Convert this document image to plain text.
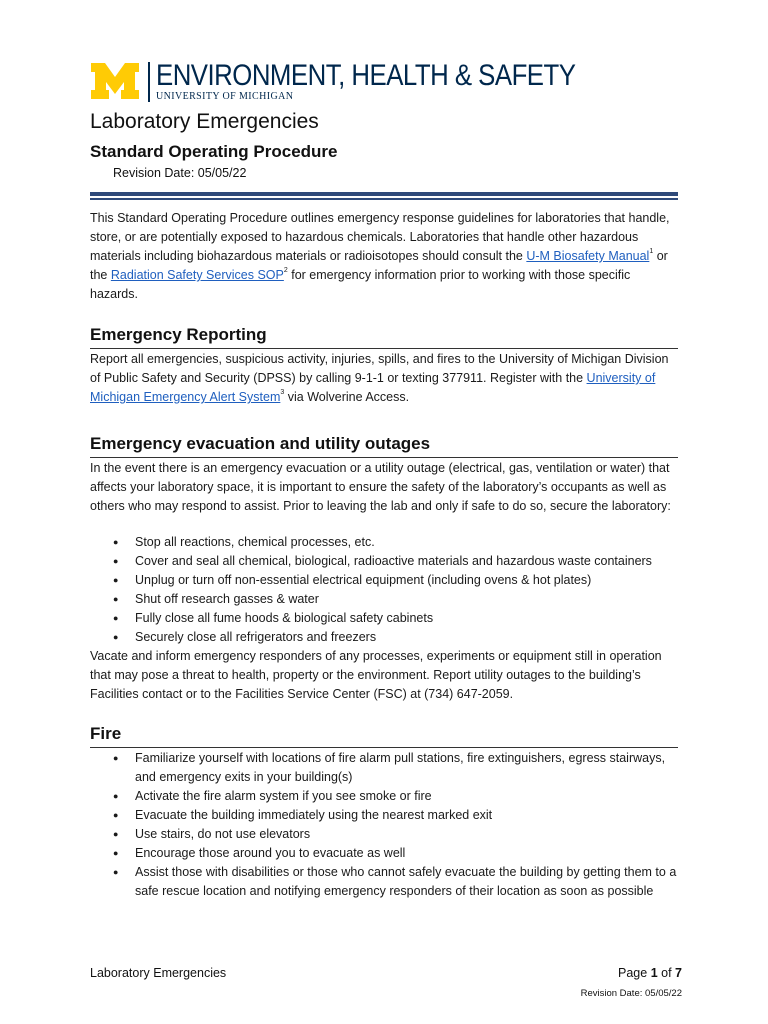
ENVIRONMENT, HEALTH & SAFETY
UNIVERSITY OF MICHIGAN
Laboratory Emergencies
Standard Operating Procedure
Revision Date: 05/05/22

This Standard Operating Procedure outlines emergency response guidelines for laboratories that handle, store, or are potentially exposed to hazardous chemicals. Laboratories that handle other hazardous materials including biohazardous materials or radioisotopes should consult the U-M Biosafety Manual$^1$ or the Radiation Safety Services SOP$^2$ for emergency information prior to working with those specific hazards.

Emergency Reporting

Report all emergencies, suspicious activity, injuries, spills, and fires to the University of Michigan Division of Public Safety and Security (DPSS) by calling 9-1-1 or texting 377911. Register with the University of Michigan Emergency Alert System$^3$ via Wolverine Access.

Emergency evacuation and utility outages

In the event there is an emergency evacuation or a utility outage (electrical, gas, ventilation or water) that affects your laboratory space, it is important to ensure the safety of the laboratory’s occupants as well as others who may respond to assist. Prior to leaving the lab and only if safe to do so, secure the laboratory:

● Stop all reactions, chemical processes, etc.
● Cover and seal all chemical, biological, radioactive materials and hazardous waste containers
● Unplug or turn off non-essential electrical equipment (including ovens & hot plates)
● Shut off research gasses & water
● Fully close all fume hoods & biological safety cabinets
● Securely close all refrigerators and freezers

Vacate and inform emergency responders of any processes, experiments or equipment still in operation that may pose a threat to health, property or the environment. Report utility outages to the building’s Facilities contact or to the Facilities Service Center (FSC) at (734) 647-2059.

Fire
● Familiarize yourself with locations of fire alarm pull stations, fire extinguishers, egress stairways, and emergency exits in your building(s)
● Activate the fire alarm system if you see smoke or fire
● Evacuate the building immediately using the nearest marked exit
● Use stairs, do not use elevators
● Encourage those around you to evacuate as well
● Assist those with disabilities or those who cannot safely evacuate the building by getting them to a safe rescue location and notifying emergency responders of their location as soon as possible
Laboratory Emergencies	Page 1 of 7
Revision Date: 05/05/22
